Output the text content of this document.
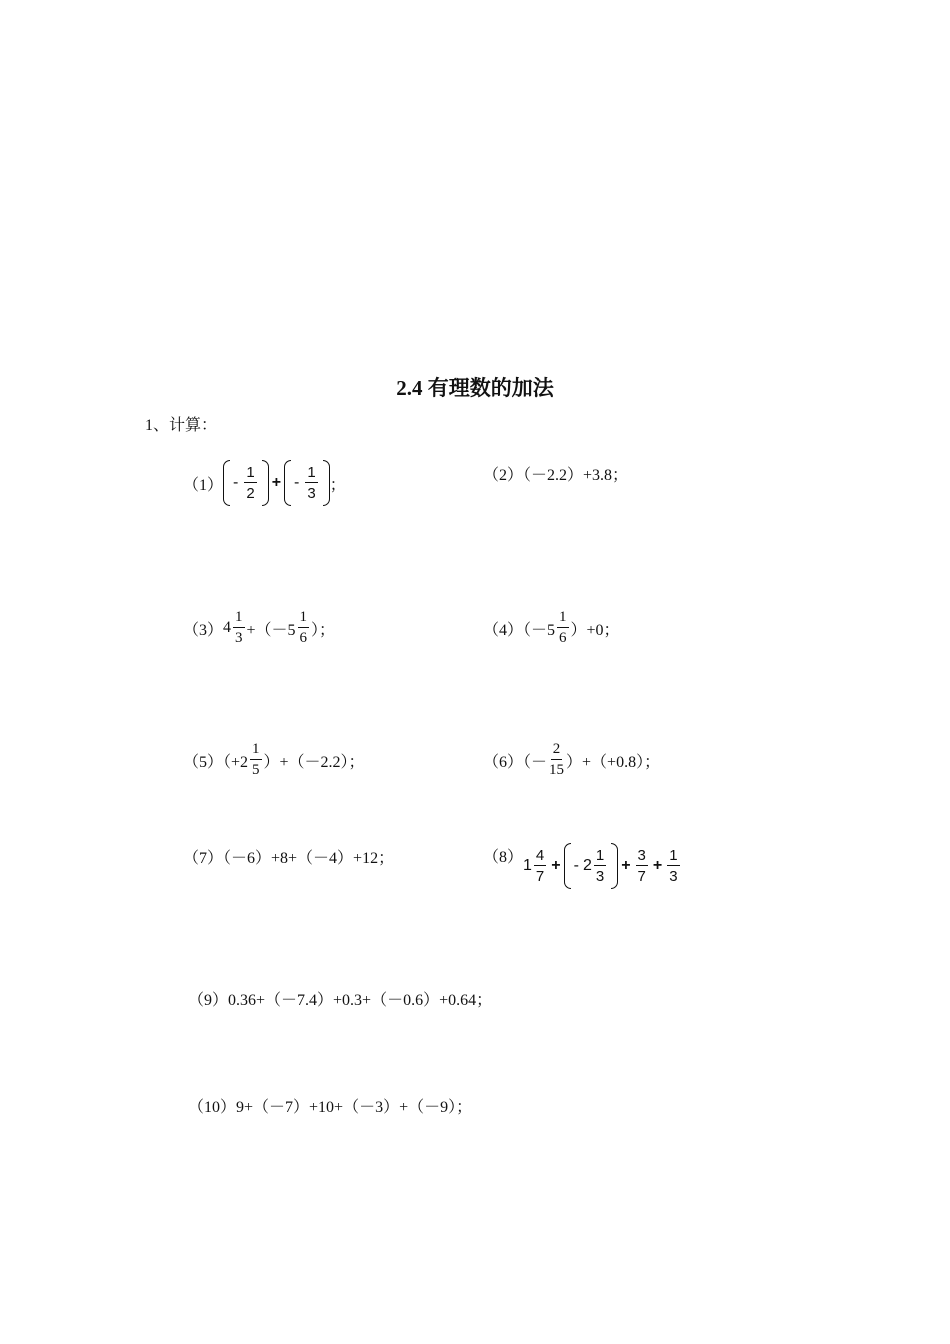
2.4 有理数的加法
1、计算：
$(1) - \frac{1}{2}$ + - $\frac{1}{3}$ ；
（2）（－2.2）+3.8；
（3） $4 \frac{1}{3} +(-5 \frac{1}{6}$ ）；	$(4)(-5 \frac{1}{6} )+0$；
$(5)(+2 \frac{1}{5} )+(-2.2)$；	$(6)(- \frac{2}{15} )+(+0.8)$；
（7）（－6）+8+（－4）+12；	（8） $1 \frac{4}{7}$ + - $2 \frac{1}{3} + \frac{3}{7} + \frac{1}{3}$
（9）0.36+（－7.4）+0.3+（－0.6）+0.64；
（10）9+（－7）+10+（－3）+（－9）；
